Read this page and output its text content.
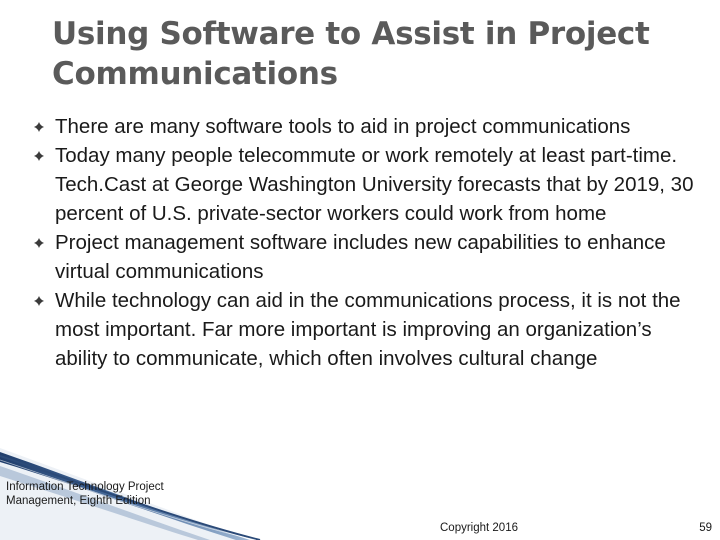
Using Software to Assist in Project Communications
There are many software tools to aid in project communications
Today many people telecommute or work remotely at least part-time. Tech.Cast at George Washington University forecasts that by 2019, 30 percent of U.S. private-sector workers could work from home
Project management software includes new capabilities to enhance virtual communications
While technology can aid in the communications process, it is not the most important. Far more important is improving an organization’s ability to communicate, which often involves cultural change
Information Technology Project
Management, Eighth Edition
Copyright 2016	59
